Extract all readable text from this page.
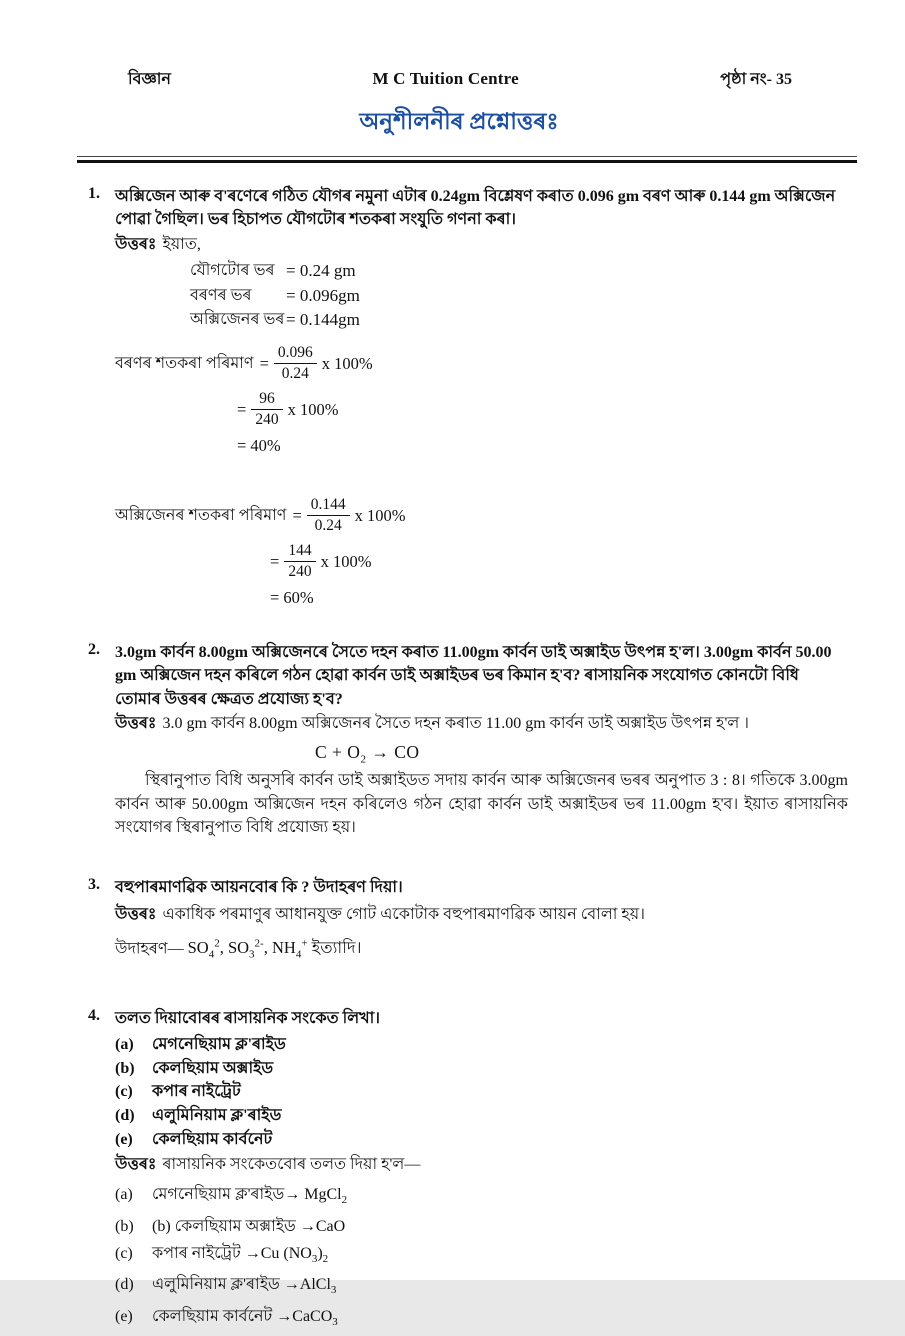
বিজ্ঞান	M C Tuition Centre	পৃষ্ঠা নং- 35
অনুশীলনীৰ প্ৰশ্নোত্তৰঃ
1. অক্সিজেন আৰু ব'ৰণেৰে গঠিত যৌগৰ নমুনা এটাৰ 0.24gm বিশ্লেষণ কৰাত 0.096 gm বৰণ আৰু 0.144 gm অক্সিজেন পোৱা গৈছিল। ভৰ হিচাপত যৌগটোৰ শতকৰা সংযুতি গণনা কৰা।
উত্তৰঃ ইয়াত,
যৌগটোৰ ভৰ = 0.24 gm
বৰণৰ ভৰ	= 0.096gm
অক্সিজেনৰ ভৰ = 0.144gm
বৰণৰ শতকৰা পৰিমাণ = $\frac{0.096}{0.24}$ x 100%
= $\frac{96}{240}$ x 100%
= 40%
অক্সিজেনৰ শতকৰা পৰিমাণ = $\frac{0.144}{0.24}$ x 100%
= $\frac{144}{240}$ x 100%
= 60%
2. 3.0gm কাৰ্বন 8.00gm অক্সিজেনৰে সৈতে দহন কৰাত 11.00gm কাৰ্বন ডাই অক্সাইড উৎপন্ন হ'ল। 3.00gm কাৰ্বন 50.00 gm অক্সিজেন দহন কৰিলে গঠন হোৱা কাৰ্বন ডাই অক্সাইডৰ ভৰ কিমান হ'ব? ৰাসায়নিক সংযোগত কোনটো বিধি তোমাৰ উত্তৰৰ ক্ষেত্ৰত প্ৰযোজ্য হ'ব?
উত্তৰঃ 3.0 gm কাৰ্বন 8.00gm অক্সিজেনৰ সৈতে দহন কৰাত 11.00 gm কাৰ্বন ডাই অক্সাইড উৎপন্ন হ'ল ।
$C + O_2$ → CO
স্থিৰানুপাত বিধি অনুসৰি কাৰ্বন ডাই অক্সাইডত সদায় কাৰ্বন আৰু অক্সিজেনৰ ভৰৰ অনুপাত 3 : 8। গতিকে 3.00gm কাৰ্বন আৰু 50.00gm অক্সিজেন দহন কৰিলেও গঠন হোৱা কাৰ্বন ডাই অক্সাইডৰ ভৰ 11.00gm হ'ব। ইয়াত ৰাসায়নিক সংযোগৰ স্থিৰানুপাত বিধি প্ৰযোজ্য হয়।
3. বহুপাৰমাণৱিক আয়নবোৰ কি ? উদাহৰণ দিয়া।
উত্তৰঃ একাধিক পৰমাণুৰ আধানযুক্ত গোট একোটাক বহুপাৰমাণৱিক আয়ন বোলা হয়।
উদাহৰণ— $SO_4^2$, $SO_3^{2-}$, $NH_4^+$ ইত্যাদি।
4. তলত দিয়াবোৰৰ ৰাসায়নিক সংকেত লিখা।
(a)	মেগনেছিয়াম ক্ল'ৰাইড
(b)	কেলছিয়াম অক্সাইড
(c)	কপাৰ নাইট্ৰেট
(d)	এলুমিনিয়াম ক্ল'ৰাইড
(e)	কেলছিয়াম কাৰ্বনেট
উত্তৰঃ ৰাসায়নিক সংকেতবোৰ তলত দিয়া হ'ল—
(a)	মেগনেছিয়াম ক্ল'ৰাইড→ MgCl$_2$
(b)	(b) কেলছিয়াম অক্সাইড →CaO
(c)	কপাৰ নাইট্ৰেট →Cu $(NO_3)_2$
(d)	এলুমিনিয়াম ক্ল'ৰাইড →AlCl$_3$
(e)	কেলছিয়াম কাৰ্বনেট →CaCO$_3$
